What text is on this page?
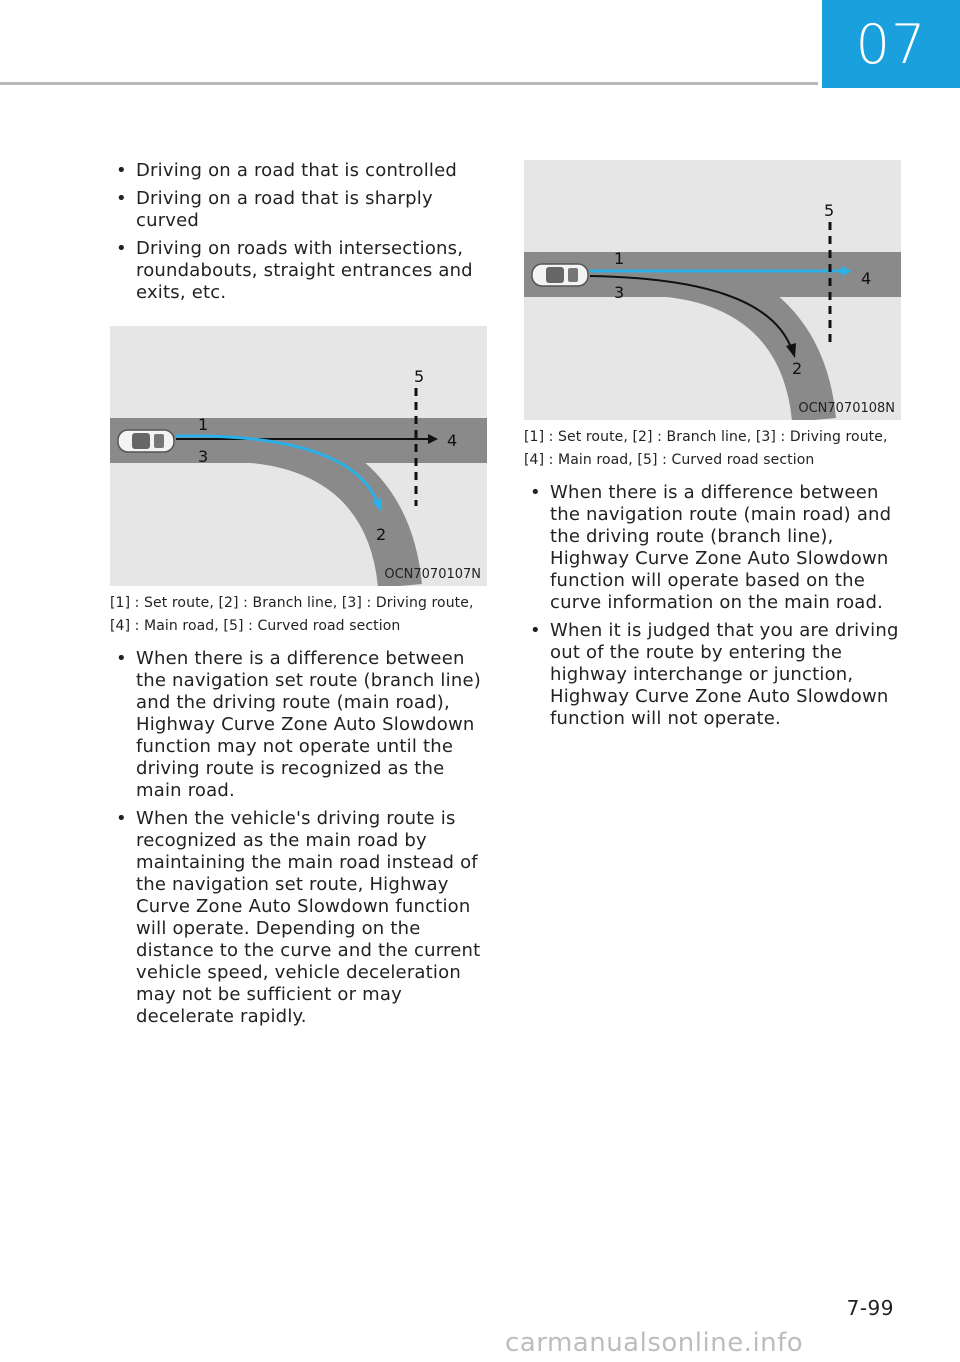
07
• Driving on a road that is controlled
• Driving on a road that is sharply curved
• Driving on roads with intersections, roundabouts, straight entrances and exits, etc.
5
1
3
4
2
OCN7070107N
[1] : Set route, [2] : Branch line, [3] : Driving route,
[4] : Main road, [5] : Curved road section
• When there is a difference between the navigation set route (branch line) and the driving route (main road), Highway Curve Zone Auto Slowdown function may not operate until the driving route is recognized as the main road.
• When the vehicle's driving route is recognized as the main road by maintaining the main road instead of the navigation set route, Highway Curve Zone Auto Slowdown function will operate. Depending on the distance to the curve and the current vehicle speed, vehicle deceleration may not be sufficient or may decelerate rapidly.
5
1
3
4
2
OCN7070108N
[1] : Set route, [2] : Branch line, [3] : Driving route,
[4] : Main road, [5] : Curved road section
• When there is a difference between the navigation route (main road) and the driving route (branch line), Highway Curve Zone Auto Slowdown function will operate based on the curve information on the main road.
• When it is judged that you are driving out of the route by entering the highway interchange or junction, Highway Curve Zone Auto Slowdown function will not operate.
7-99
carmanualsonline.info
